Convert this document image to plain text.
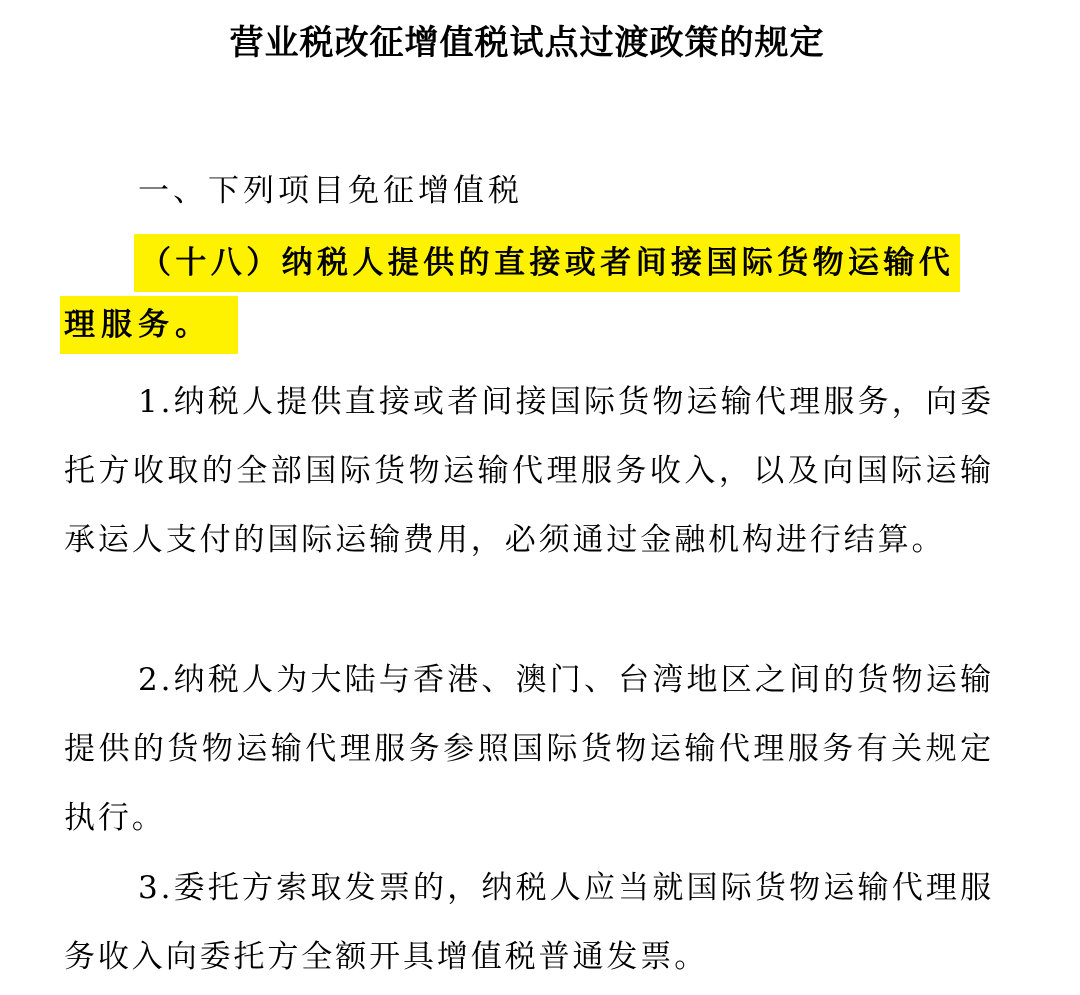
营业税改征增值税试点过渡政策的规定

一、下列项目免征增值税

（十八）纳税人提供的直接或者间接国际货物运输代

理服务。

1.纳税人提供直接或者间接国际货物运输代理服务，向委托方收取的全部国际货物运输代理服务收入，以及向国际运输承运人支付的国际运输费用，必须通过金融机构进行结算。

2.纳税人为大陆与香港、澳门、台湾地区之间的货物运输提供的货物运输代理服务参照国际货物运输代理服务有关规定执行。

3.委托方索取发票的，纳税人应当就国际货物运输代理服务收入向委托方全额开具增值税普通发票。
